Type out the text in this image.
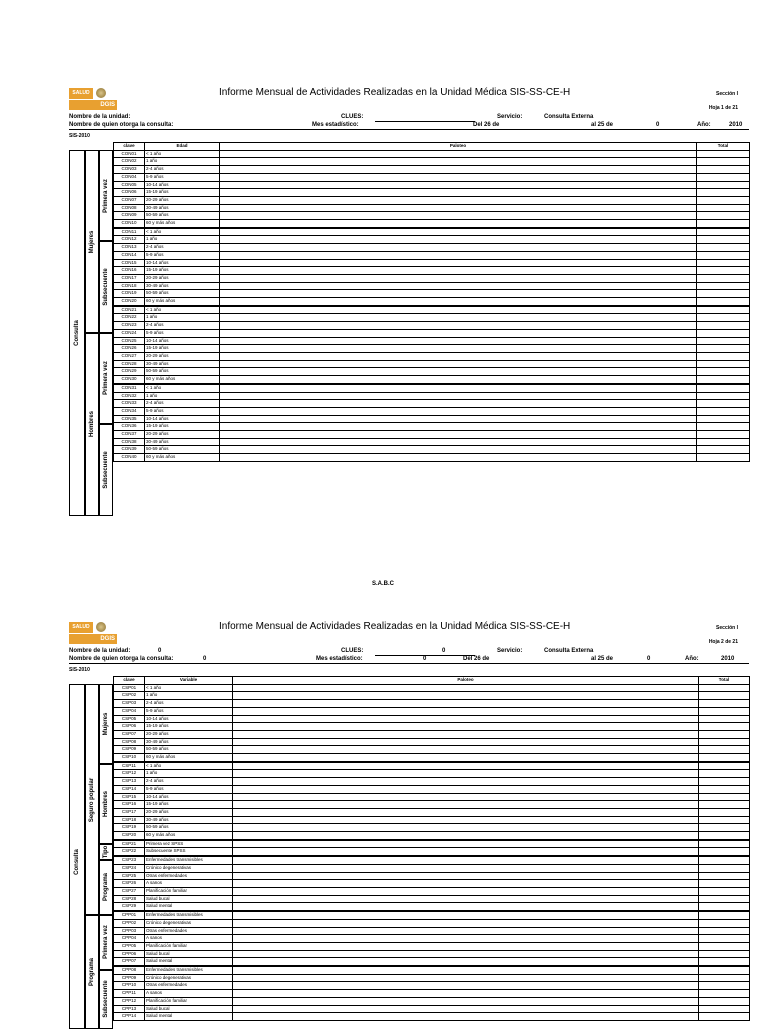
SALUD
DGIS
Informe Mensual de Actividades Realizadas en la Unidad Médica SIS-SS-CE-H	Sección I
Hoja 1 de 21
Nombre de la unidad:	CLUES:	Servicio:	Consulta Externa
Nombre de quien otorga la consulta:	Mes estadístico:	Del 26 de	al 25 de	0	Año:	2010
SIS-2010
Consulta
Mujeres
Hombres
Primera vez
Subsecuente
Primera vez
Subsecuente
clave	Edad	Paloteo	Total
CON01	< 1 año		
CON02	1 año		
CON03	2-4 años		
CON04	5-9 años		
CON05	10-14 años		
CON06	15-19 años		
CON07	20-29 años		
CON08	30-49 años		
CON09	50-59 años		
CON10	60 y más años		
CON11	< 1 año		
CON12	1 año		
CON13	2-4 años		
CON14	5-9 años		
CON15	10-14 años		
CON16	15-19 años		
CON17	20-29 años		
CON18	30-49 años		
CON19	50-59 años		
CON20	60 y más años		
CON21	< 1 año		
CON22	1 año		
CON23	2-4 años		
CON24	5-9 años		
CON25	10-14 años		
CON26	15-19 años		
CON27	20-29 años		
CON28	30-49 años		
CON29	50-59 años		
CON30	60 y más años		
CON31	< 1 año		
CON32	1 año		
CON33	2-4 años		
CON34	5-9 años		
CON35	10-14 años		
CON36	15-19 años		
CON37	20-29 años		
CON38	30-49 años		
CON39	50-59 años		
CON40	60 y más años		
S.A.B.C
SALUD
DGIS
Informe Mensual de Actividades Realizadas en la Unidad Médica SIS-SS-CE-H	Sección I
Hoja 2 de 21
Nombre de la unidad:	0	CLUES:	0	Servicio:	Consulta Externa
Nombre de quien otorga la consulta:	0	Mes estadístico:	0	Del 26 de	al 25 de	0	Año:	2010
SIS-2010
Consulta
Seguro popular
Programa
Mujeres
Hombres
Tipo
Programa
Primera vez
Subsecuente
clave	Variable	Paloteo	Total
CSP01	< 1 año		
CSP02	1 año		
CSP03	2-4 años		
CSP04	5-9 años		
CSP05	10-14 años		
CSP06	15-19 años		
CSP07	20-29 años		
CSP08	30-49 años		
CSP09	50-59 años		
CSP10	60 y más años		
CSP11	< 1 año		
CSP12	1 año		
CSP13	2-4 años		
CSP14	5-9 años		
CSP15	10-14 años		
CSP16	15-19 años		
CSP17	20-29 años		
CSP18	30-49 años		
CSP19	50-59 años		
CSP20	60 y más años		
CSP21	Primera vez SPSS		
CSP22	Subsecuente SPSS		
CSP23	Enfermedades transmisibles		
CSP24	Crónico degenerativas		
CSP25	Otras enfermedades		
CSP26	A sanos		
CSP27	Planificación familiar		
CSP28	Salud bucal		
CSP29	Salud mental		
CPP01	Enfermedades transmisibles		
CPP02	Crónico degenerativas		
CPP03	Otras enfermedades		
CPP04	A sanos		
CPP05	Planificación familiar		
CPP06	Salud bucal		
CPP07	Salud mental		
CPP08	Enfermedades transmisibles		
CPP09	Crónico degenerativas		
CPP10	Otras enfermedades		
CPP11	A sanos		
CPP12	Planificación familiar		
CPP13	Salud bucal		
CPP14	Salud mental		
